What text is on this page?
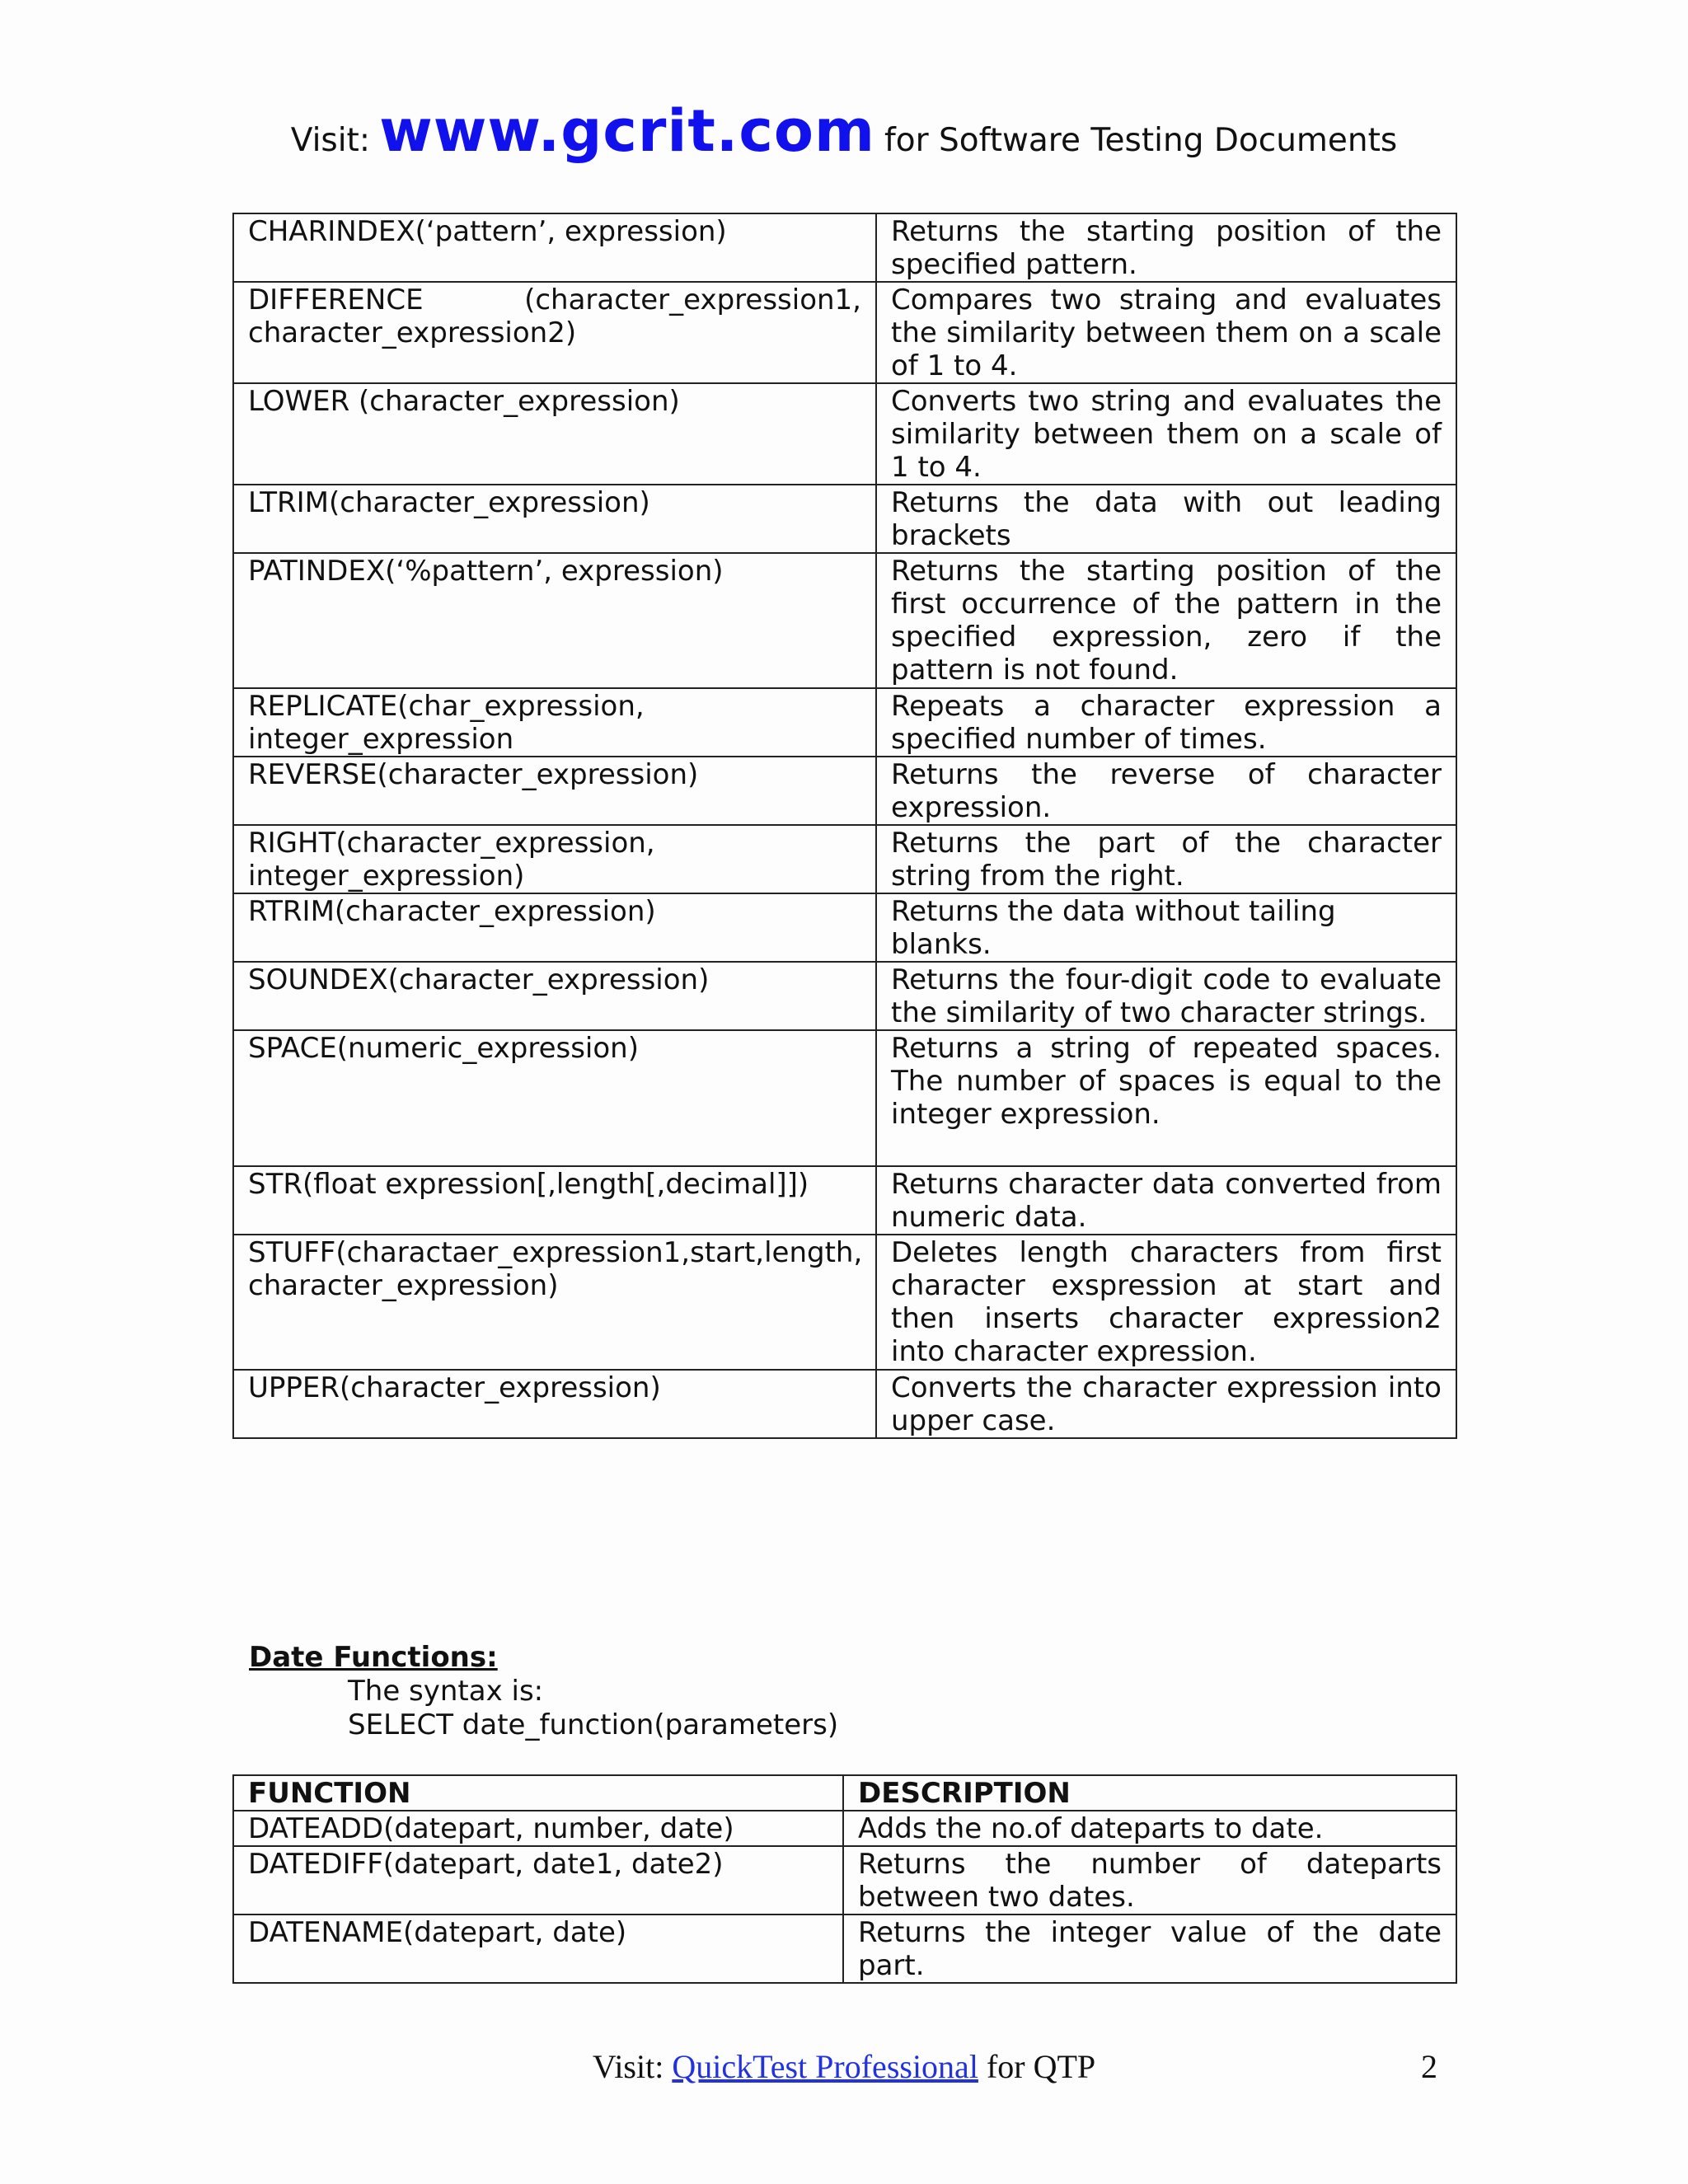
Visit: www.gcrit.com for Software Testing Documents
CHARINDEX(‘pattern’, expression)	Returns the starting position of the specified pattern.
DIFFERENCE (character_expression1, character_expression2)	Compares two straing and evaluates the similarity between them on a scale of 1 to 4.
LOWER (character_expression)	Converts two string and evaluates the similarity between them on a scale of 1 to 4.
LTRIM(character_expression)	Returns the data with out leading brackets
PATINDEX(‘%pattern’, expression)	Returns the starting position of the first occurrence of the pattern in the specified expression, zero if the pattern is not found.
REPLICATE(char_expression, integer_expression	Repeats a character expression a specified number of times.
REVERSE(character_expression)	Returns the reverse of character expression.
RIGHT(character_expression, integer_expression)	Returns the part of the character string from the right.
RTRIM(character_expression)	Returns the data without tailing blanks.
SOUNDEX(character_expression)	Returns the four-digit code to evaluate the similarity of two character strings.
SPACE(numeric_expression)	Returns a string of repeated spaces. The number of spaces is equal to the integer expression.
STR(float expression[,length[,decimal]])	Returns character data converted from numeric data.
STUFF(charactaer_expression1,start,length, character_expression)	Deletes length characters from first character exspression at start and then inserts character expression2 into character expression.
UPPER(character_expression)	Converts the character expression into upper case.
Date Functions:
The syntax is:
SELECT date_function(parameters)
FUNCTION	DESCRIPTION
DATEADD(datepart, number, date)	Adds the no.of dateparts to date.
DATEDIFF(datepart, date1, date2)	Returns the number of dateparts between two dates.
DATENAME(datepart, date)	Returns the integer value of the date part.
Visit: QuickTest Professional for QTP	2
